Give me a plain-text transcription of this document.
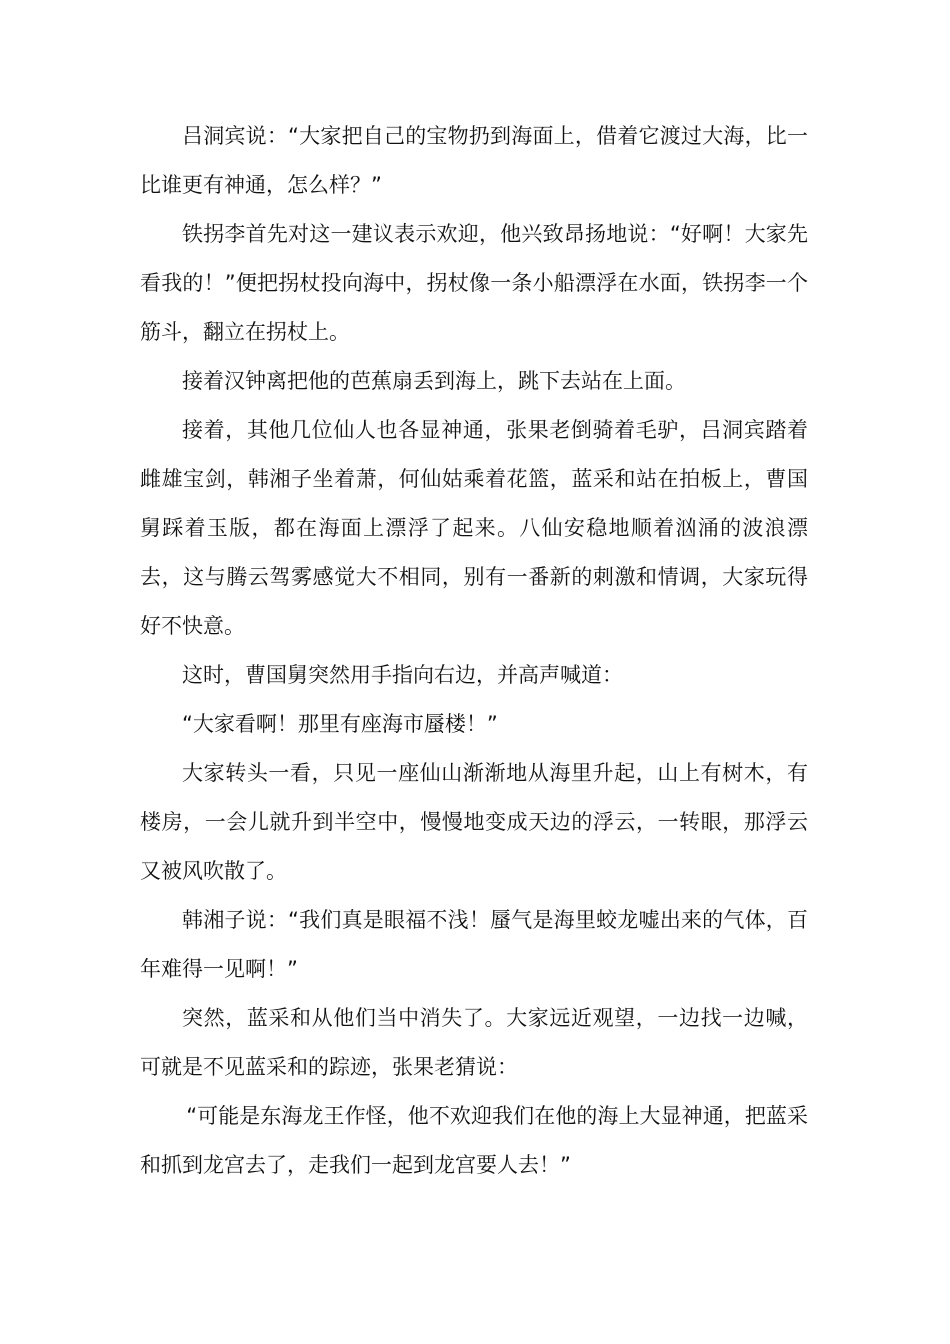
吕洞宾说：“大家把自己的宝物扔到海面上，借着它渡过大海，比一比谁更有神通，怎么样？”

铁拐李首先对这一建议表示欢迎，他兴致昂扬地说：“好啊！大家先看我的！”便把拐杖投向海中，拐杖像一条小船漂浮在水面，铁拐李一个筋斗，翻立在拐杖上。

接着汉钟离把他的芭蕉扇丢到海上，跳下去站在上面。

接着，其他几位仙人也各显神通，张果老倒骑着毛驴，吕洞宾踏着雌雄宝剑，韩湘子坐着萧，何仙姑乘着花篮，蓝采和站在拍板上，曹国舅踩着玉版，都在海面上漂浮了起来。八仙安稳地顺着汹涌的波浪漂去，这与腾云驾雾感觉大不相同，别有一番新的刺激和情调，大家玩得好不快意。

这时，曹国舅突然用手指向右边，并高声喊道：

“大家看啊！那里有座海市蜃楼！”

大家转头一看，只见一座仙山渐渐地从海里升起，山上有树木，有楼房，一会儿就升到半空中，慢慢地变成天边的浮云，一转眼，那浮云又被风吹散了。

韩湘子说：“我们真是眼福不浅！蜃气是海里蛟龙嘘出来的气体，百年难得一见啊！”

突然，蓝采和从他们当中消失了。大家远近观望，一边找一边喊，可就是不见蓝采和的踪迹，张果老猜说：

“可能是东海龙王作怪，他不欢迎我们在他的海上大显神通，把蓝采和抓到龙宫去了，走我们一起到龙宫要人去！”
